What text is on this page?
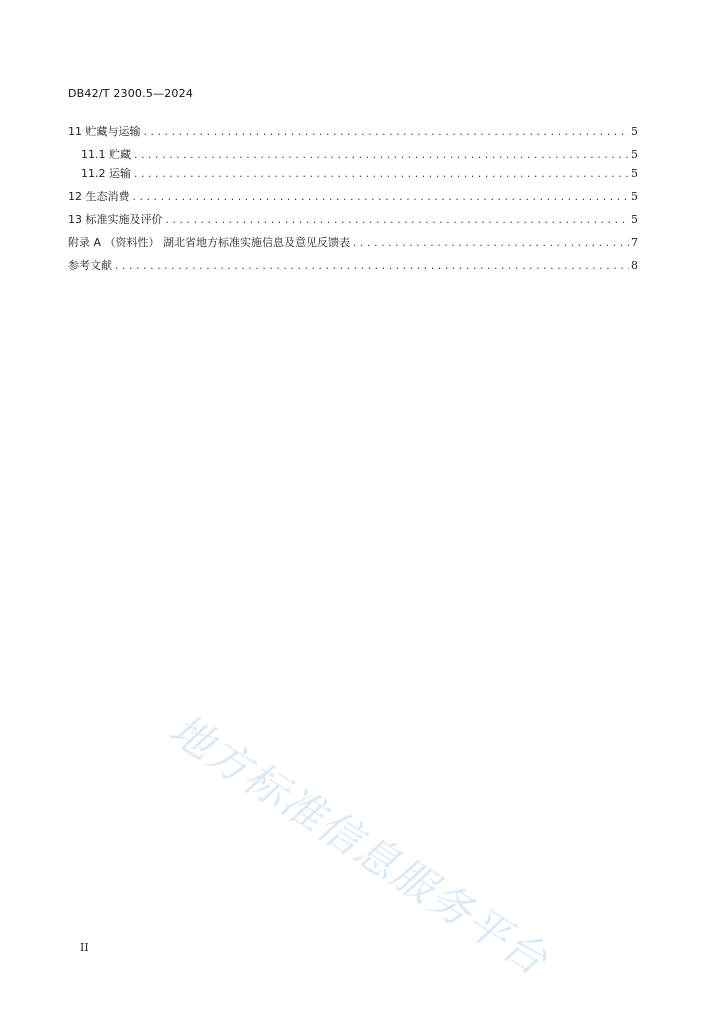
DB42/T 2300.5—2024
11 贮藏与运输 .....	5
11.1 贮藏 .....	5
11.2 运输 .....	5
12 生态消费 .....	5
13 标准实施及评价 .....	5
附录 A （资料性） 湖北省地方标准实施信息及意见反馈表 .....	7
参考文献 .....	8
地方标准信息服务平台
II
